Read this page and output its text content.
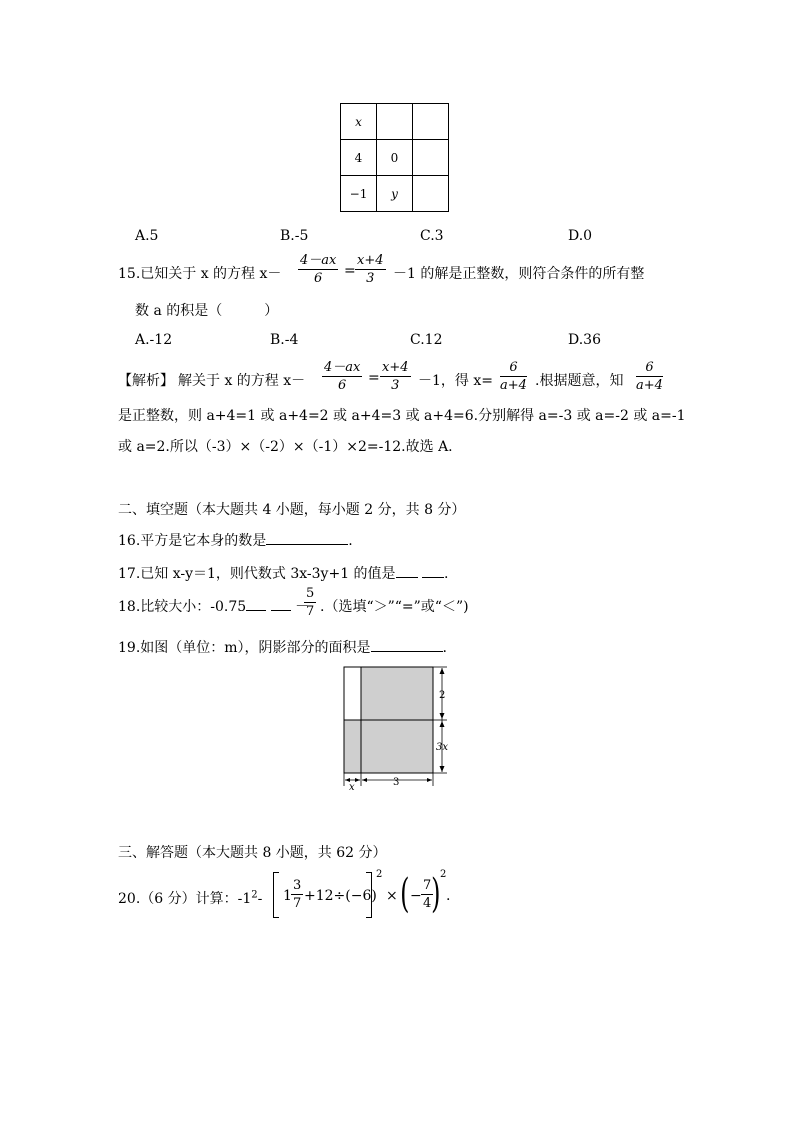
x		
4	0	
−1	y	
A.5	B.-5	C.3	D.0
15.已知关于 x 的方程 $x- \frac{4-ax}{6} = \frac{x+4}{3} -1$ 的解是正整数，则符合条件的所有整
数 a 的积是（　　　）
A.-12	B.-4	C.12	D.36
【解析】 解关于 x 的方程 $x- \frac{4-ax}{6} = \frac{x+4}{3} -1$，得 $x= \frac{6}{a+4}$ .根据题意，知 $\frac{6}{a+4}$
是正整数，则 a+4=1 或 a+4=2 或 a+4=3 或 a+4=6.分别解得 a=-3 或 a=-2 或 a=-1
或 a=2.所以（-3）×（-2）×（-1）×2=-12.故选 A.
二、填空题（本大题共 4 小题，每小题 2 分，共 8 分）
16.平方是它本身的数是	.
17.已知 x-y＝1，则代数式 3x-3y+1 的值是	.
18.比较大小：-0.75	－
$\frac{5}{7}$ .（选填“＞”“=”或“＜”)
19.如图（单位：m），阴影部分的面积是	.
2
3x
x	3
三、解答题（本大题共 8 小题，共 62 分）
20.（6 分）计算：$-1^2-$ $1 \frac{3}{7} +12\div(-6)$
2
× ( − $\frac{7}{4}$
) 2
.
